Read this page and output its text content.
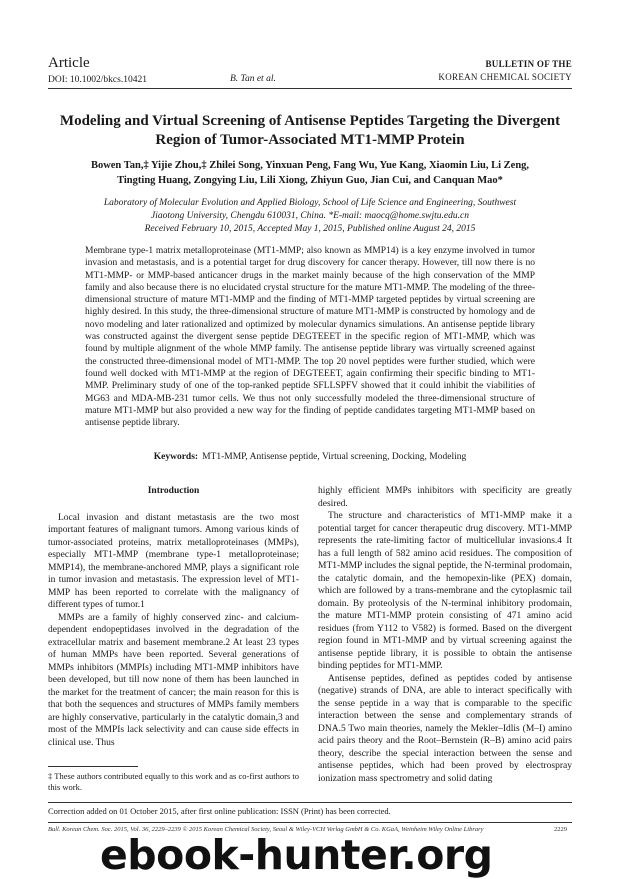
Article
DOI: 10.1002/bkcs.10421	B. Tan et al.
BULLETIN OF THE
KOREAN CHEMICAL SOCIETY
Modeling and Virtual Screening of Antisense Peptides Targeting the Divergent Region of Tumor-Associated MT1-MMP Protein
Bowen Tan,‡ Yijie Zhou,‡ Zhilei Song, Yinxuan Peng, Fang Wu, Yue Kang, Xiaomin Liu, Li Zeng,
Tingting Huang, Zongying Liu, Lili Xiong, Zhiyun Guo, Jian Cui, and Canquan Mao*
Laboratory of Molecular Evolution and Applied Biology, School of Life Science and Engineering, Southwest
Jiaotong University, Chengdu 610031, China. *E-mail: maocq@home.swjtu.edu.cn
Received February 10, 2015, Accepted May 1, 2015, Published online August 24, 2015
Membrane type-1 matrix metalloproteinase (MT1-MMP; also known as MMP14) is a key enzyme involved in tumor invasion and metastasis, and is a potential target for drug discovery for cancer therapy. However, till now there is no MT1-MMP- or MMP-based anticancer drugs in the market mainly because of the high conservation of the MMP family and also because there is no elucidated crystal structure for the mature MT1-MMP. The modeling of the three-dimensional structure of mature MT1-MMP and the finding of MT1-MMP targeted peptides by virtual screening are highly desired. In this study, the three-dimensional structure of mature MT1-MMP is constructed by homology and de novo modeling and later rationalized and optimized by molecular dynamics simulations. An antisense peptide library was constructed against the divergent sense peptide DEGTEEET in the specific region of MT1-MMP, which was found by multiple alignment of the whole MMP family. The antisense peptide library was virtually screened against the constructed three-dimensional model of MT1-MMP. The top 20 novel peptides were further studied, which were found well docked with MT1-MMP at the region of DEGTEEET, again confirming their specific binding to MT1-MMP. Preliminary study of one of the top-ranked peptide SFLLSPFV showed that it could inhibit the viabilities of MG63 and MDA-MB-231 tumor cells. We thus not only successfully modeled the three-dimensional structure of mature MT1-MMP but also provided a new way for the finding of peptide candidates targeting MT1-MMP based on antisense peptide library.
Keywords: MT1-MMP, Antisense peptide, Virtual screening, Docking, Modeling
Introduction

Local invasion and distant metastasis are the two most important features of malignant tumors. Among various kinds of tumor-associated proteins, matrix metalloproteinases (MMPs), especially MT1-MMP (membrane type-1 metalloproteinase; MMP14), the membrane-anchored MMP, plays a significant role in tumor invasion and metastasis. The expression level of MT1-MMP has been reported to correlate with the malignancy of different types of tumor.1

MMPs are a family of highly conserved zinc- and calcium-dependent endopeptidases involved in the degradation of the extracellular matrix and basement membrane.2 At least 23 types of human MMPs have been reported. Several generations of MMPs inhibitors (MMPIs) including MT1-MMP inhibitors have been developed, but till now none of them has been launched in the market for the treatment of cancer; the main reason for this is that both the sequences and structures of MMPs family members are highly conservative, particularly in the catalytic domain,3 and most of the MMPIs lack selectivity and can cause side effects in clinical use. Thus

highly efficient MMPs inhibitors with specificity are greatly desired.

The structure and characteristics of MT1-MMP make it a potential target for cancer therapeutic drug discovery. MT1-MMP represents the rate-limiting factor of multicellular invasions.4 It has a full length of 582 amino acid residues. The composition of MT1-MMP includes the signal peptide, the N-terminal prodomain, the catalytic domain, and the hemopexin-like (PEX) domain, which are followed by a trans-membrane and the cytoplasmic tail domain. By proteolysis of the N-terminal inhibitory prodomain, the mature MT1-MMP protein consisting of 471 amino acid residues (from Y112 to V582) is formed. Based on the divergent region found in MT1-MMP and by virtual screening against the antisense peptide library, it is possible to obtain the antisense binding peptides for MT1-MMP.

Antisense peptides, defined as peptides coded by antisense (negative) strands of DNA, are able to interact specifically with the sense peptide in a way that is comparable to the specific interaction between the sense and complementary strands of DNA.5 Two main theories, namely the Mekler–Idlis (M–I) amino acid pairs theory and the Root–Bernstein (R–B) amino acid pairs theory, describe the special interaction between the sense and antisense peptides, which had been proved by electrospray ionization mass spectrometry and solid dating

‡ These authors contributed equally to this work and as co-first authors to this work.
Correction added on 01 October 2015, after first online publication: ISSN (Print) has been corrected.
Bull. Korean Chem. Soc. 2015, Vol. 36, 2229–2239 © 2015 Korean Chemical Society, Seoul & Wiley-VCH Verlag GmbH & Co. KGaA, Weinheim Wiley Online Library	2229
ebook-hunter.org
